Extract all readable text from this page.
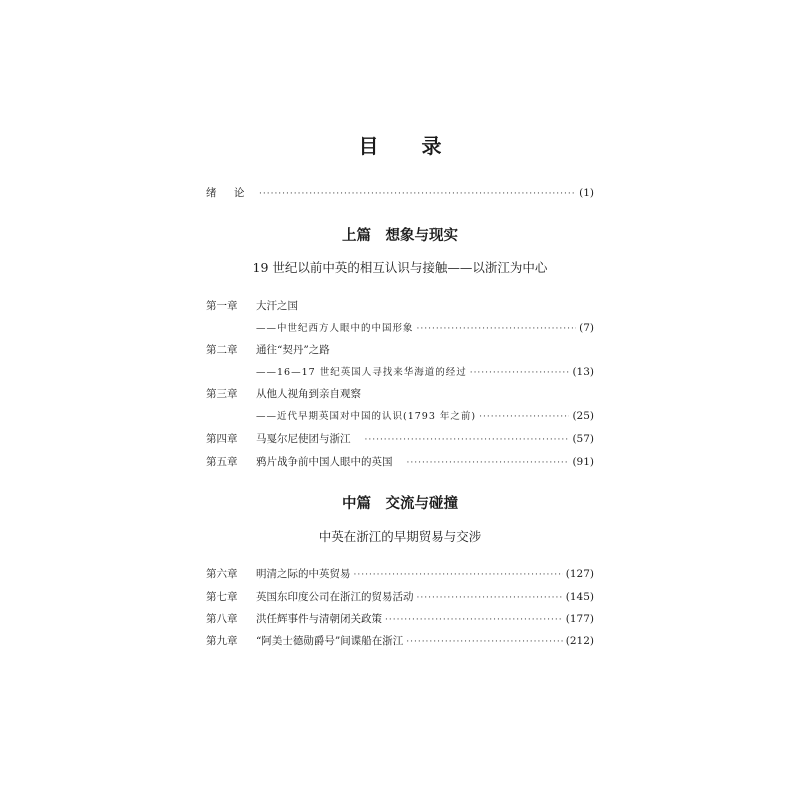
目 录
绪 论 ·····	(1)
上篇　想象与现实
19 世纪以前中英的相互认识与接触——以浙江为中心
第一章	大汗之国
——中世纪西方人眼中的中国形象 ·····	(7)
第二章	通往“契丹”之路
——16—17 世纪英国人寻找来华海道的经过 ·····	(13)
第三章	从他人视角到亲自观察
——近代早期英国对中国的认识(1793 年之前) ·····	(25)
第四章	马戛尔尼使团与浙江 ·····	(57)
第五章	鸦片战争前中国人眼中的英国 ·····	(91)
中篇　交流与碰撞
中英在浙江的早期贸易与交涉
第六章	明清之际的中英贸易 ·····	(127)
第七章	英国东印度公司在浙江的贸易活动 ·····	(145)
第八章	洪任辉事件与清朝闭关政策 ·····	(177)
第九章	“阿美士德勋爵号”间谍船在浙江 ·····	(212)
